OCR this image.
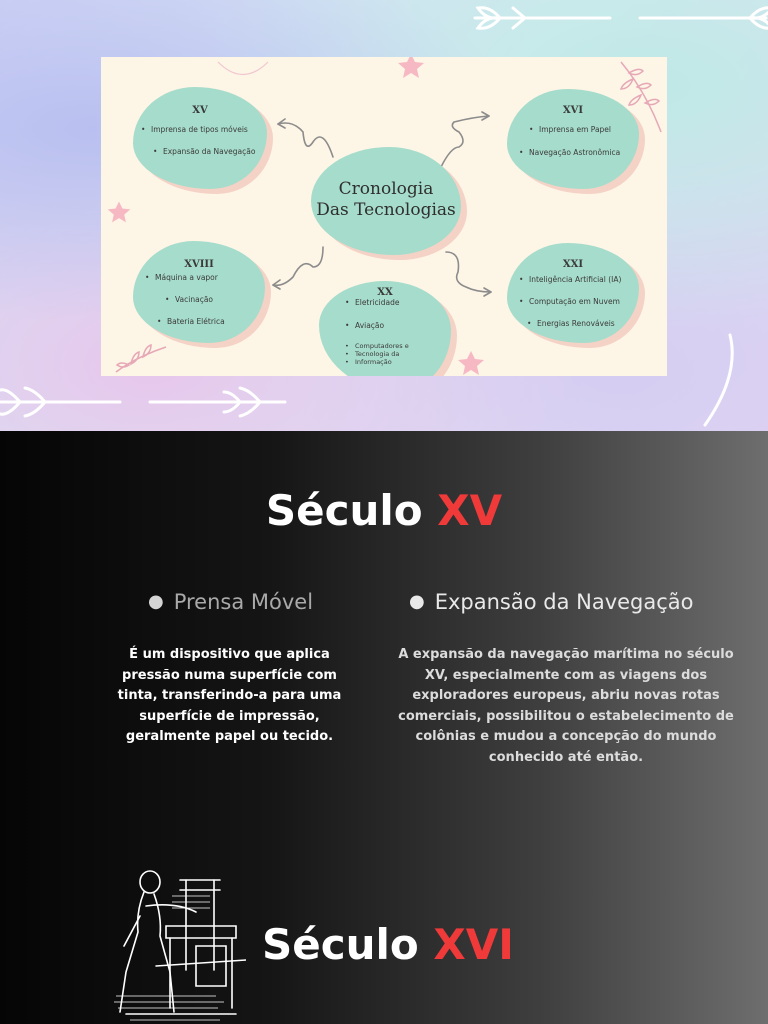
Cronologia
Das Tecnologias
XV
• Imprensa de tipos móveis
• Expansão da Navegação
XVI
• Imprensa em Papel
• Navegação Astronômica
XVIII
• Máquina a vapor
• Vacinação
• Bateria Elétrica
XX
• Eletricidade
• Aviação
• Computadores e
• Tecnologia da
• Informação
XXI
• Inteligência Artificial (IA)
• Computação em Nuvem
• Energias Renováveis
Século XV
● Prensa Móvel
É um dispositivo que aplica pressão numa superfície com tinta, transferindo-a para uma superfície de impressão, geralmente papel ou tecido.
● Expansão da Navegação
A expansão da navegação marítima no século XV, especialmente com as viagens dos exploradores europeus, abriu novas rotas comerciais, possibilitou o estabelecimento de colônias e mudou a concepção do mundo conhecido até então.
Século XVI
